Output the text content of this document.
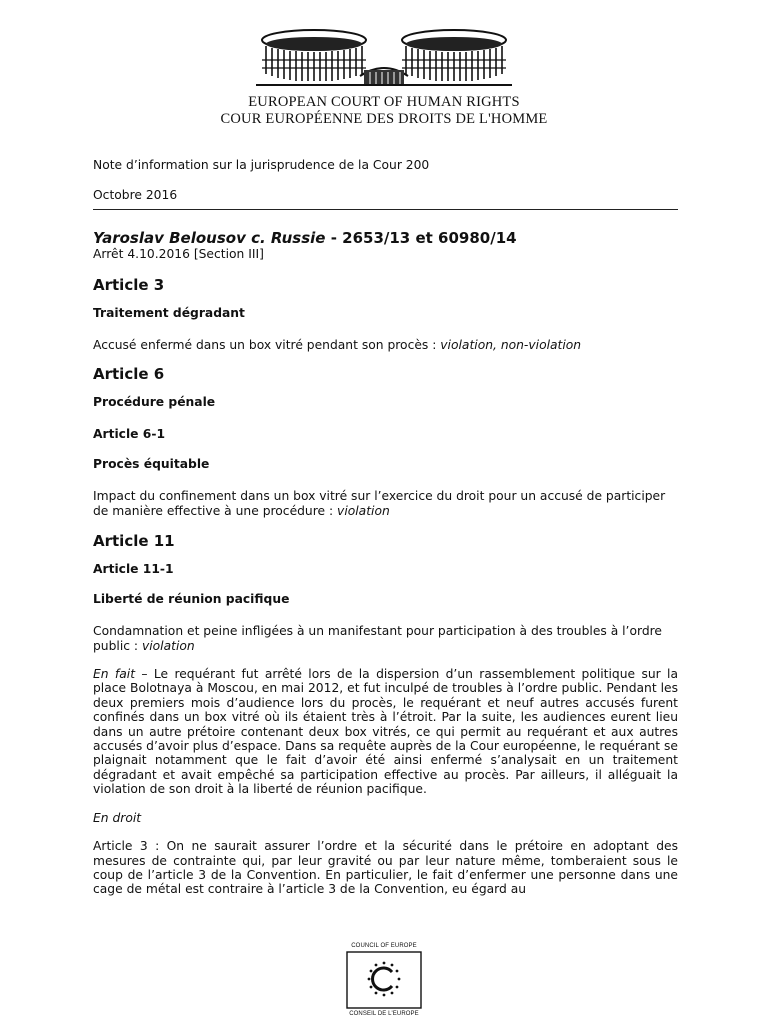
EUROPEAN COURT OF HUMAN RIGHTS
COUR EUROPÉENNE DES DROITS DE L'HOMME

Note d’information sur la jurisprudence de la Cour 200

Octobre 2016

Yaroslav Belousov c. Russie - 2653/13 et 60980/14
Arrêt 4.10.2016 [Section III]
Article 3
Traitement dégradant
Accusé enfermé dans un box vitré pendant son procès : violation, non-violation
Article 6
Procédure pénale
Article 6-1
Procès équitable
Impact du confinement dans un box vitré sur l’exercice du droit pour un accusé de participer de manière effective à une procédure : violation
Article 11
Article 11-1
Liberté de réunion pacifique
Condamnation et peine infligées à un manifestant pour participation à des troubles à l’ordre public : violation
En fait – Le requérant fut arrêté lors de la dispersion d’un rassemblement politique sur la place Bolotnaya à Moscou, en mai 2012, et fut inculpé de troubles à l’ordre public. Pendant les deux premiers mois d’audience lors du procès, le requérant et neuf autres accusés furent confinés dans un box vitré où ils étaient très à l’étroit. Par la suite, les audiences eurent lieu dans un autre prétoire contenant deux box vitrés, ce qui permit au requérant et aux autres accusés d’avoir plus d’espace. Dans sa requête auprès de la Cour européenne, le requérant se plaignait notamment que le fait d’avoir été ainsi enfermé s’analysait en un traitement dégradant et avait empêché sa participation effective au procès. Par ailleurs, il alléguait la violation de son droit à la liberté de réunion pacifique.
En droit
Article 3 : On ne saurait assurer l’ordre et la sécurité dans le prétoire en adoptant des mesures de contrainte qui, par leur gravité ou par leur nature même, tomberaient sous le coup de l’article 3 de la Convention. En particulier, le fait d’enfermer une personne dans une cage de métal est contraire à l’article 3 de la Convention, eu égard au
COUNCIL OF EUROPE
CONSEIL DE L'EUROPE
